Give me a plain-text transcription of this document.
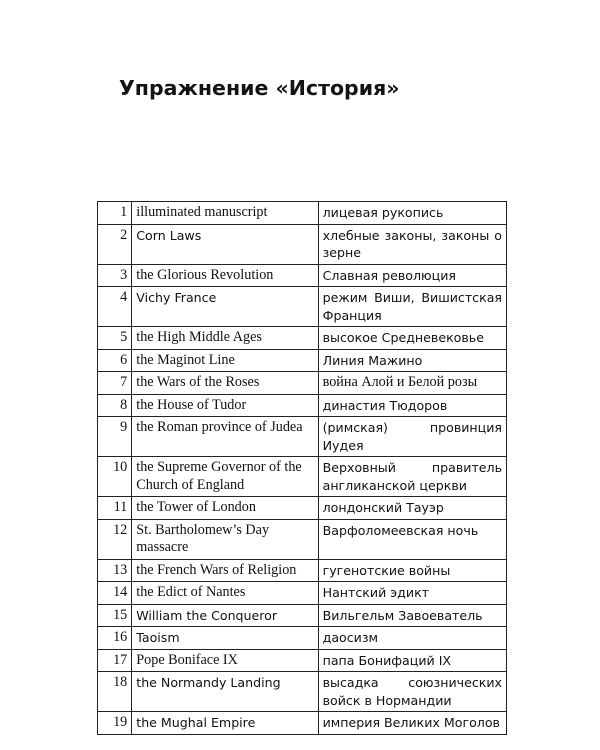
Упражнение «История»
1	illuminated manuscript	лицевая рукопись
2	Corn Laws	хлебные законы, законы о зерне
3	the Glorious Revolution	Славная революция
4	Vichy France	режим Виши, Вишистская Франция
5	the High Middle Ages	высокое Средневековье
6	the Maginot Line	Линия Мажино
7	the Wars of the Roses	война Алой и Белой розы
8	the House of Tudor	династия Тюдоров
9	the Roman province of Judea	(римская) провинция Иудея
10	the Supreme Governor of the Church of England	Верховный правитель англиканской церкви
11	the Tower of London	лондонский Тауэр
12	St. Bartholomew’s Day massacre	Варфоломеевская ночь
13	the French Wars of Religion	гугенотские войны
14	the Edict of Nantes	Нантский эдикт
15	William the Conqueror	Вильгельм Завоеватель
16	Taoism	даосизм
17	Pope Boniface IX	папа Бонифаций IX
18	the Normandy Landing	высадка союзнических войск в Нормандии
19	the Mughal Empire	империя Великих Моголов
